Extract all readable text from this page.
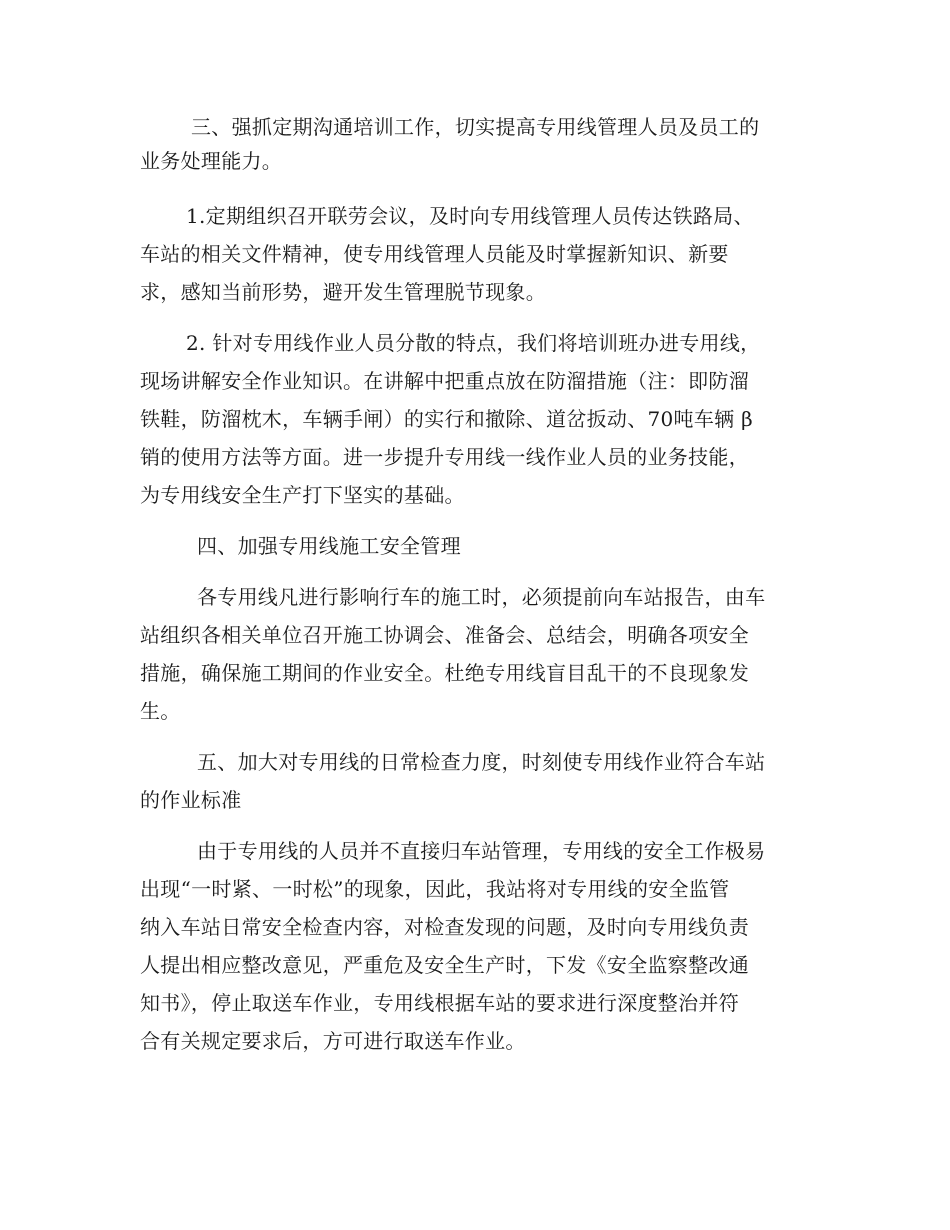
三、强抓定期沟通培训工作，切实提高专用线管理人员及员工的
业务处理能力。
1.定期组织召开联劳会议，及时向专用线管理人员传达铁路局、
车站的相关文件精神，使专用线管理人员能及时掌握新知识、新要
求，感知当前形势，避开发生管理脱节现象。
2. 针对专用线作业人员分散的特点，我们将培训班办进专用线，
现场讲解安全作业知识。在讲解中把重点放在防溜措施（注：即防溜
铁鞋，防溜枕木，车辆手闸）的实行和撤除、道岔扳动、70吨车辆 β
销的使用方法等方面。进一步提升专用线一线作业人员的业务技能，
为专用线安全生产打下坚实的基础。
四、加强专用线施工安全管理
各专用线凡进行影响行车的施工时，必须提前向车站报告，由车
站组织各相关单位召开施工协调会、准备会、总结会，明确各项安全
措施，确保施工期间的作业安全。杜绝专用线盲目乱干的不良现象发
生。
五、加大对专用线的日常检查力度，时刻使专用线作业符合车站
的作业标准
由于专用线的人员并不直接归车站管理，专用线的安全工作极易
出现“一时紧、一时松”的现象，因此，我站将对专用线的安全监管
纳入车站日常安全检查内容，对检查发现的问题，及时向专用线负责
人提出相应整改意见，严重危及安全生产时，下发《安全监察整改通
知书》，停止取送车作业，专用线根据车站的要求进行深度整治并符
合有关规定要求后，方可进行取送车作业。
